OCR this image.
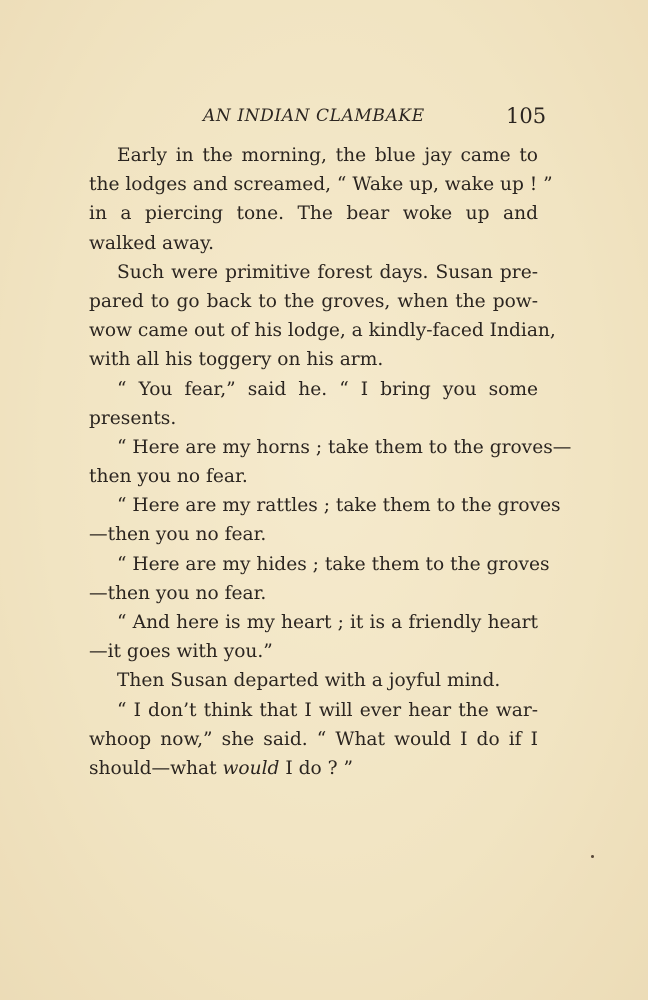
AN INDIAN CLAMBAKE	105
Early in the morning, the blue jay came to
the lodges and screamed, “ Wake up, wake up ! ”
in a piercing tone. The bear woke up and
walked away.
Such were primitive forest days. Susan pre-
pared to go back to the groves, when the pow-
wow came out of his lodge, a kindly-faced Indian,
with all his toggery on his arm.
“ You fear,” said he. “ I bring you some
presents.
“ Here are my horns ; take them to the groves—
then you no fear.
“ Here are my rattles ; take them to the groves
—then you no fear.
“ Here are my hides ; take them to the groves
—then you no fear.
“ And here is my heart ; it is a friendly heart
—it goes with you.”
Then Susan departed with a joyful mind.
“ I don’t think that I will ever hear the war-
whoop now,” she said. “ What would I do if I
should—what would I do ? ”
